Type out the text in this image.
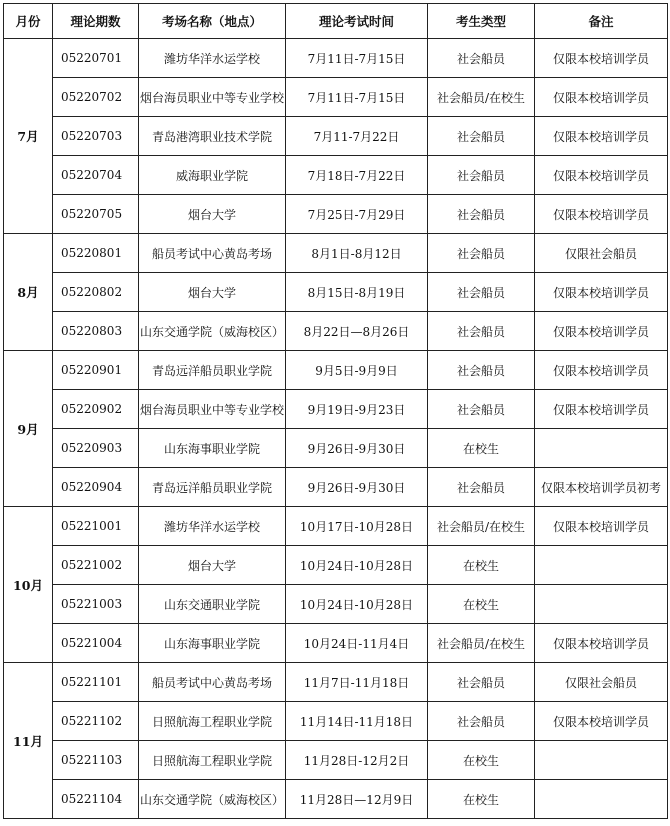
月份	理论期数	考场名称（地点）	理论考试时间	考生类型	备注
7月	05220701	潍坊华洋水运学校	7月11日-7月15日	社会船员	仅限本校培训学员
	05220702	烟台海员职业中等专业学校	7月11日-7月15日	社会船员/在校生	仅限本校培训学员
	05220703	青岛港湾职业技术学院	7月11-7月22日	社会船员	仅限本校培训学员
	05220704	威海职业学院	7月18日-7月22日	社会船员	仅限本校培训学员
	05220705	烟台大学	7月25日-7月29日	社会船员	仅限本校培训学员
8月	05220801	船员考试中心黄岛考场	8月1日-8月12日	社会船员	仅限社会船员
	05220802	烟台大学	8月15日-8月19日	社会船员	仅限本校培训学员
	05220803	山东交通学院（威海校区）	8月22日—8月26日	社会船员	仅限本校培训学员
9月	05220901	青岛远洋船员职业学院	9月5日-9月9日	社会船员	仅限本校培训学员
	05220902	烟台海员职业中等专业学校	9月19日-9月23日	社会船员	仅限本校培训学员
	05220903	山东海事职业学院	9月26日-9月30日	在校生	
	05220904	青岛远洋船员职业学院	9月26日-9月30日	社会船员	仅限本校培训学员初考
10月	05221001	潍坊华洋水运学校	10月17日-10月28日	社会船员/在校生	仅限本校培训学员
	05221002	烟台大学	10月24日-10月28日	在校生	
	05221003	山东交通职业学院	10月24日-10月28日	在校生	
	05221004	山东海事职业学院	10月24日-11月4日	社会船员/在校生	仅限本校培训学员
11月	05221101	船员考试中心黄岛考场	11月7日-11月18日	社会船员	仅限社会船员
	05221102	日照航海工程职业学院	11月14日-11月18日	社会船员	仅限本校培训学员
	05221103	日照航海工程职业学院	11月28日-12月2日	在校生	
	05221104	山东交通学院（威海校区）	11月28日—12月9日	在校生	
